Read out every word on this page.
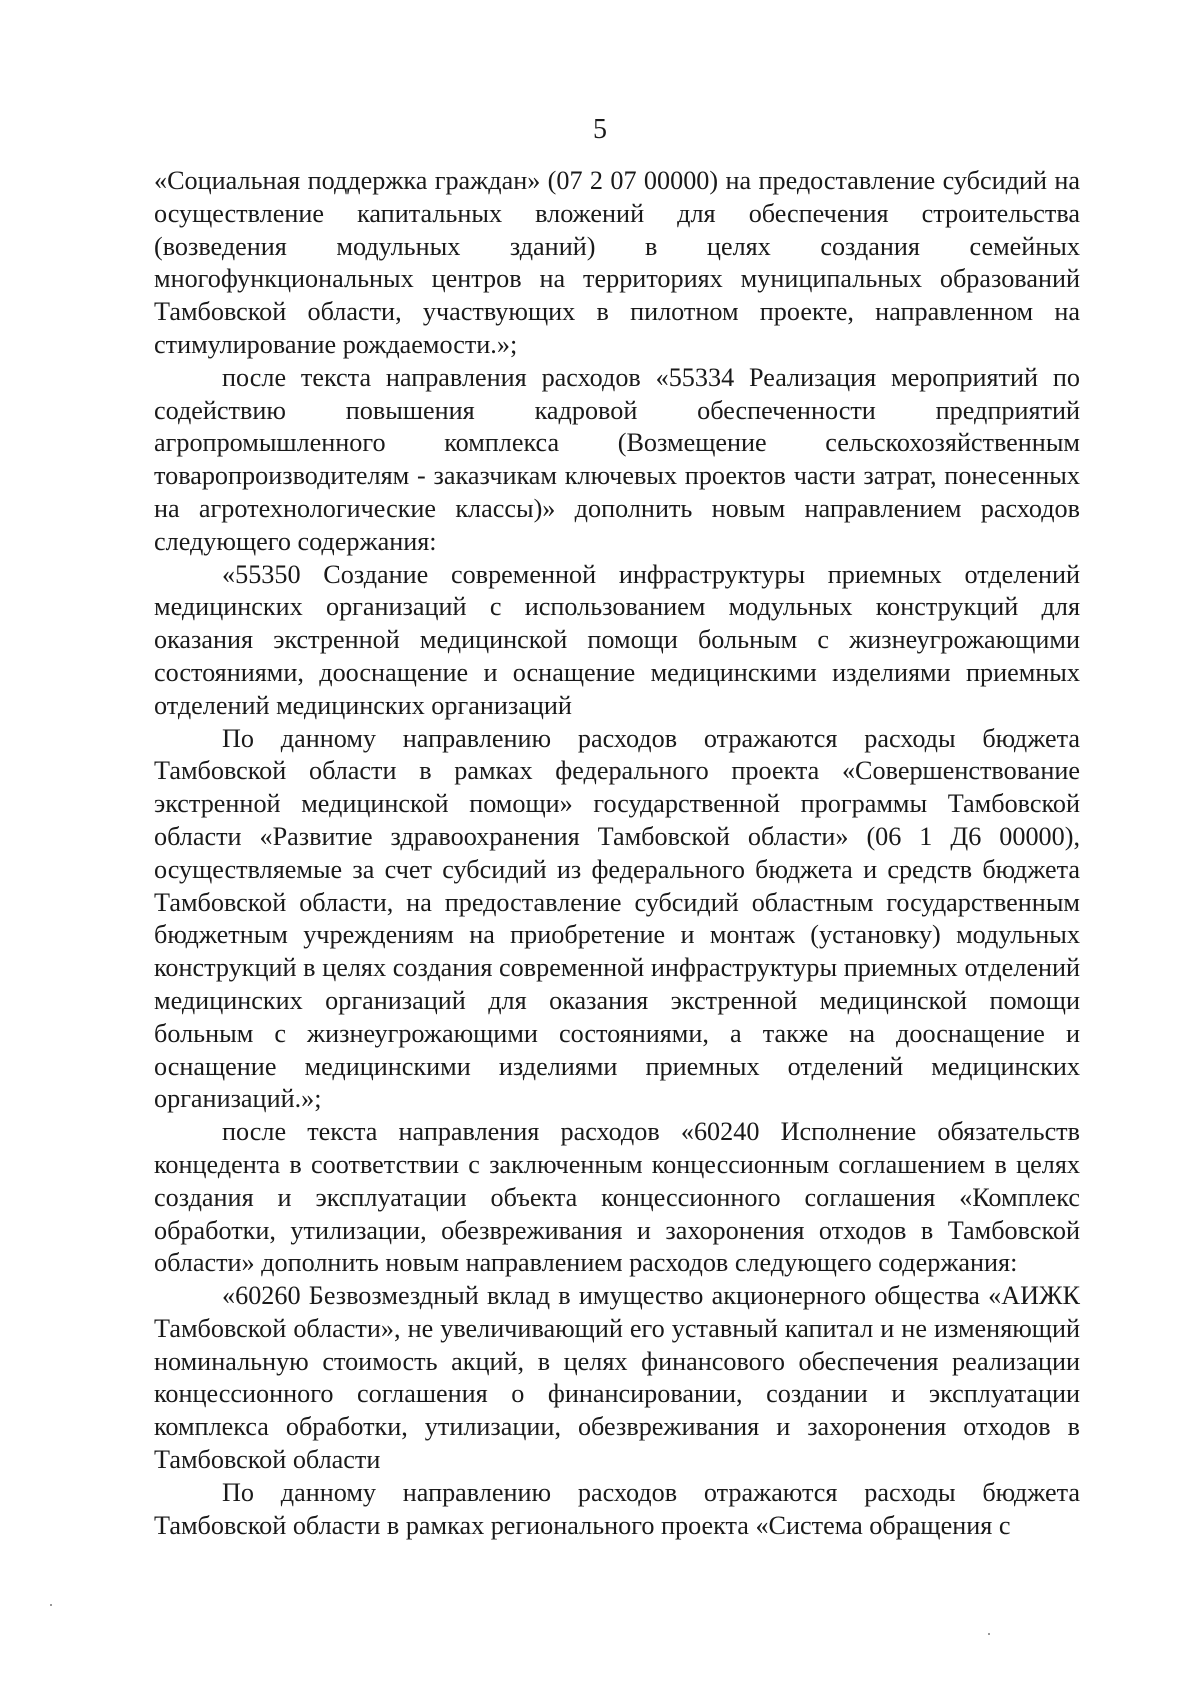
5

«Социальная поддержка граждан» (07 2 07 00000) на предоставление субсидий на осуществление капитальных вложений для обеспечения строительства (возведения модульных зданий) в целях создания семейных многофункциональных центров на территориях муниципальных образований Тамбовской области, участвующих в пилотном проекте, направленном на стимулирование рождаемости.»;

после текста направления расходов «55334 Реализация мероприятий по содействию повышения кадровой обеспеченности предприятий агропромышленного комплекса (Возмещение сельскохозяйственным товаропроизводителям - заказчикам ключевых проектов части затрат, понесенных на агротехнологические классы)» дополнить новым направлением расходов следующего содержания:

«55350 Создание современной инфраструктуры приемных отделений медицинских организаций с использованием модульных конструкций для оказания экстренной медицинской помощи больным с жизнеугрожающими состояниями, дооснащение и оснащение медицинскими изделиями приемных отделений медицинских организаций

По данному направлению расходов отражаются расходы бюджета Тамбовской области в рамках федерального проекта «Совершенствование экстренной медицинской помощи» государственной программы Тамбовской области «Развитие здравоохранения Тамбовской области» (06 1 Д6 00000), осуществляемые за счет субсидий из федерального бюджета и средств бюджета Тамбовской области, на предоставление субсидий областным государственным бюджетным учреждениям на приобретение и монтаж (установку) модульных конструкций в целях создания современной инфраструктуры приемных отделений медицинских организаций для оказания экстренной медицинской помощи больным с жизнеугрожающими состояниями, а также на дооснащение и оснащение медицинскими изделиями приемных отделений медицинских организаций.»;

после текста направления расходов «60240 Исполнение обязательств концедента в соответствии с заключенным концессионным соглашением в целях создания и эксплуатации объекта концессионного соглашения «Комплекс обработки, утилизации, обезвреживания и захоронения отходов в Тамбовской области» дополнить новым направлением расходов следующего содержания:

«60260 Безвозмездный вклад в имущество акционерного общества «АИЖК Тамбовской области», не увеличивающий его уставный капитал и не изменяющий номинальную стоимость акций, в целях финансового обеспечения реализации концессионного соглашения о финансировании, создании и эксплуатации комплекса обработки, утилизации, обезвреживания и захоронения отходов в Тамбовской области

По данному направлению расходов отражаются расходы бюджета Тамбовской области в рамках регионального проекта «Система обращения с
